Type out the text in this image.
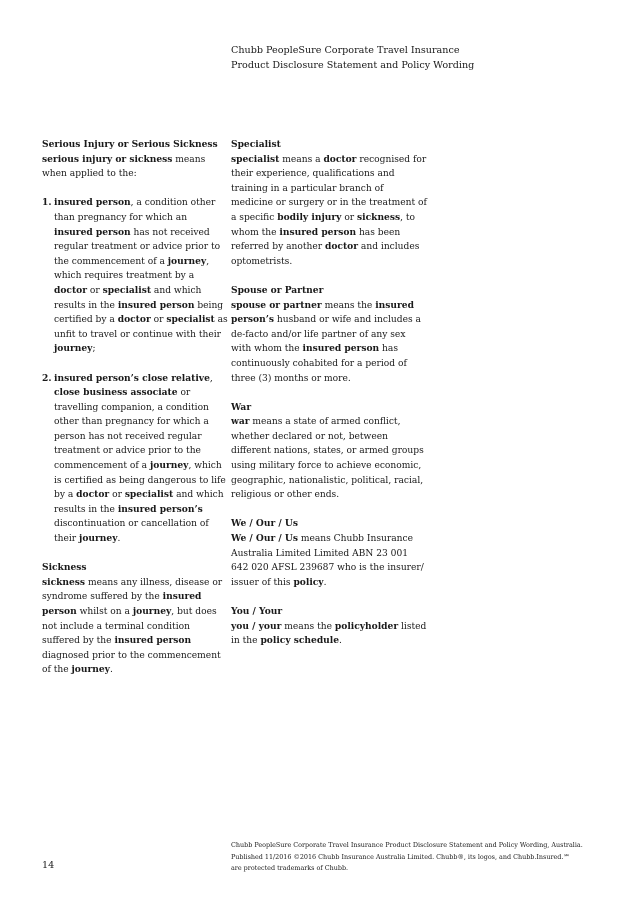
Chubb PeopleSure Corporate Travel Insurance
Product Disclosure Statement and Policy Wording
Serious Injury or Serious Sickness

serious injury or sickness means
when applied to the:

1. insured person, a condition other than pregnancy for which an insured person has not received regular treatment or advice prior to the commencement of a journey, which requires treatment by a doctor or specialist and which results in the insured person being certified by a doctor or specialist as unfit to travel or continue with their journey;

2. insured person’s close relative, close business associate or travelling companion, a condition other than pregnancy for which a person has not received regular treatment or advice prior to the commencement of a journey, which is certified as being dangerous to life by a doctor or specialist and which results in the insured person’s discontinuation or cancellation of their journey.

Sickness

sickness means any illness, disease or syndrome suffered by the insured person whilst on a journey, but does not include a terminal condition suffered by the insured person diagnosed prior to the commencement of the journey.

Specialist

specialist means a doctor recognised for their experience, qualifications and training in a particular branch of medicine or surgery or in the treatment of a specific bodily injury or sickness, to whom the insured person has been referred by another doctor and includes optometrists.

Spouse or Partner

spouse or partner means the insured person’s husband or wife and includes a de-facto and/or life partner of any sex with whom the insured person has continuously cohabited for a period of three (3) months or more.

War

war means a state of armed conflict, whether declared or not, between different nations, states, or armed groups using military force to achieve economic, geographic, nationalistic, political, racial, religious or other ends.

We / Our / Us

We / Our / Us means Chubb Insurance Australia Limited Limited ABN 23 001 642 020 AFSL 239687 who is the insurer/ issuer of this policy.

You / Your

you / your means the policyholder listed in the policy schedule.

14
Chubb PeopleSure Corporate Travel Insurance Product Disclosure Statement and Policy Wording, Australia.
Published 11/2016 ©2016 Chubb Insurance Australia Limited. Chubb®, its logos, and Chubb.Insured.℠
are protected trademarks of Chubb.
